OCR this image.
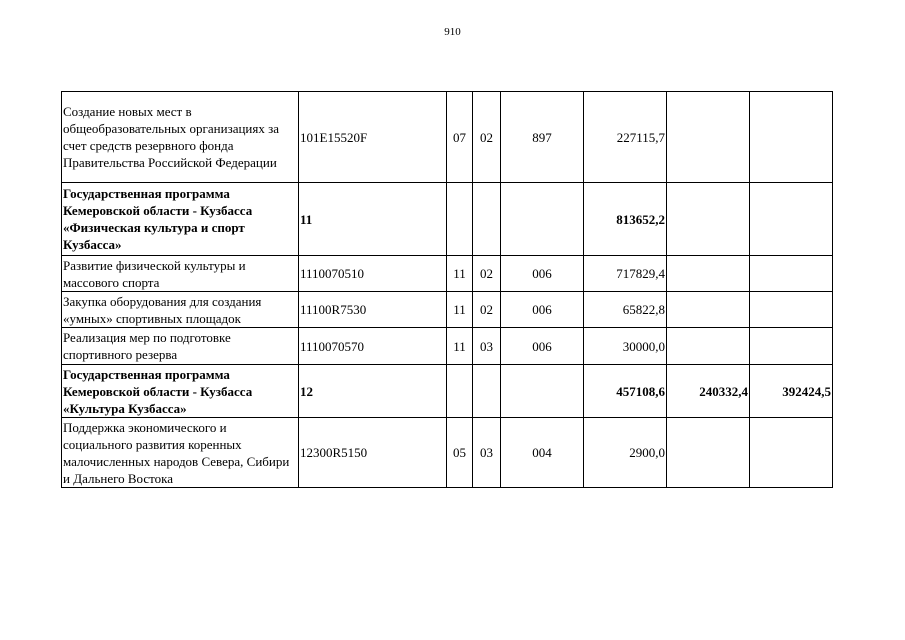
910
Создание новых мест в общеобразовательных организациях за счет средств резервного фонда Правительства Российской Федерации	101E15520F	07	02	897	227115,7		
Государственная программа Кемеровской области - Кузбасса «Физическая культура и спорт Кузбасса»	11				813652,2		
Развитие физической культуры и массового спорта	1110070510	11	02	006	717829,4		
Закупка оборудования для создания «умных» спортивных площадок	11100R7530	11	02	006	65822,8		
Реализация мер по подготовке спортивного резерва	1110070570	11	03	006	30000,0		
Государственная программа Кемеровской области - Кузбасса «Культура Кузбасса»	12				457108,6	240332,4	392424,5
Поддержка экономического и социального развития коренных малочисленных народов Севера, Сибири и Дальнего Востока	12300R5150	05	03	004	2900,0		
